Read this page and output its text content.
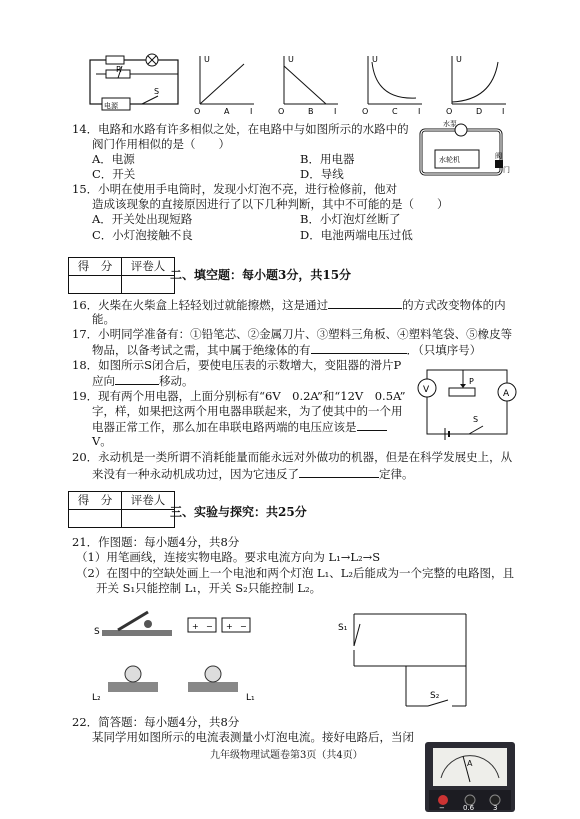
R
电源
S
U
I
O	A
U
I
O	B
U
I
O	C
U
I
O	D
14．电路和水路有许多相似之处，在电路中与如图所示的水路中的
阀门作用相似的是（　　）
A．电源	B．用电器
C．开关	D．导线
水泵
水轮机	阀
门
15．小明在使用手电筒时，发现小灯泡不亮，进行检修前，他对
造成该现象的直接原因进行了以下几种判断，其中不可能的是（　　）
A．开关处出现短路	B．小灯泡灯丝断了
C．小灯泡接触不良	D．电池两端电压过低
得　分	评卷人

二、填空题：每小题3分，共15分
16．火柴在火柴盒上轻轻划过就能擦燃，这是通过	的方式改变物体的内
能。
17．小明同学准备有：①铅笔芯、②金属刀片、③塑料三角板、④塑料笔袋、⑤橡皮等
物品，以备考试之需，其中属于绝缘体的有	．（只填序号）
18．如图所示S闭合后，要使电压表的示数增大，变阻器的滑片P
应向	移动。
19．现有两个用电器，上面分别标有“6V　0.2A”和“12V　0.5A”
字，样，如果把这两个用电器串联起来，为了使其中的一个用
电器正常工作，那么加在串联电路两端的电压应该是
V。
V	A
P
S
20．永动机是一类所谓不消耗能量而能永远对外做功的机器，但是在科学发展史上，从
来没有一种永动机成功过，因为它违反了	定律。
得　分	评卷人

三、实验与探究：共25分
21．作图题：每小题4分，共8分
（1）用笔画线，连接实物电路。要求电流方向为 L₁→L₂→S
（2）在图中的空缺处画上一个电池和两个灯泡 L₁、L₂后能成为一个完整的电路图，且
开关 S₁只能控制 L₁，开关 S₂只能控制 L₂。
S
+ − + −
L₂	L₁
S₁
S₂
22．简答题：每小题4分，共8分
某同学用如图所示的电流表测量小灯泡电流。接好电路后，当闭
A
−	0.6	3
九年级物理试题卷第3页（共4页）
